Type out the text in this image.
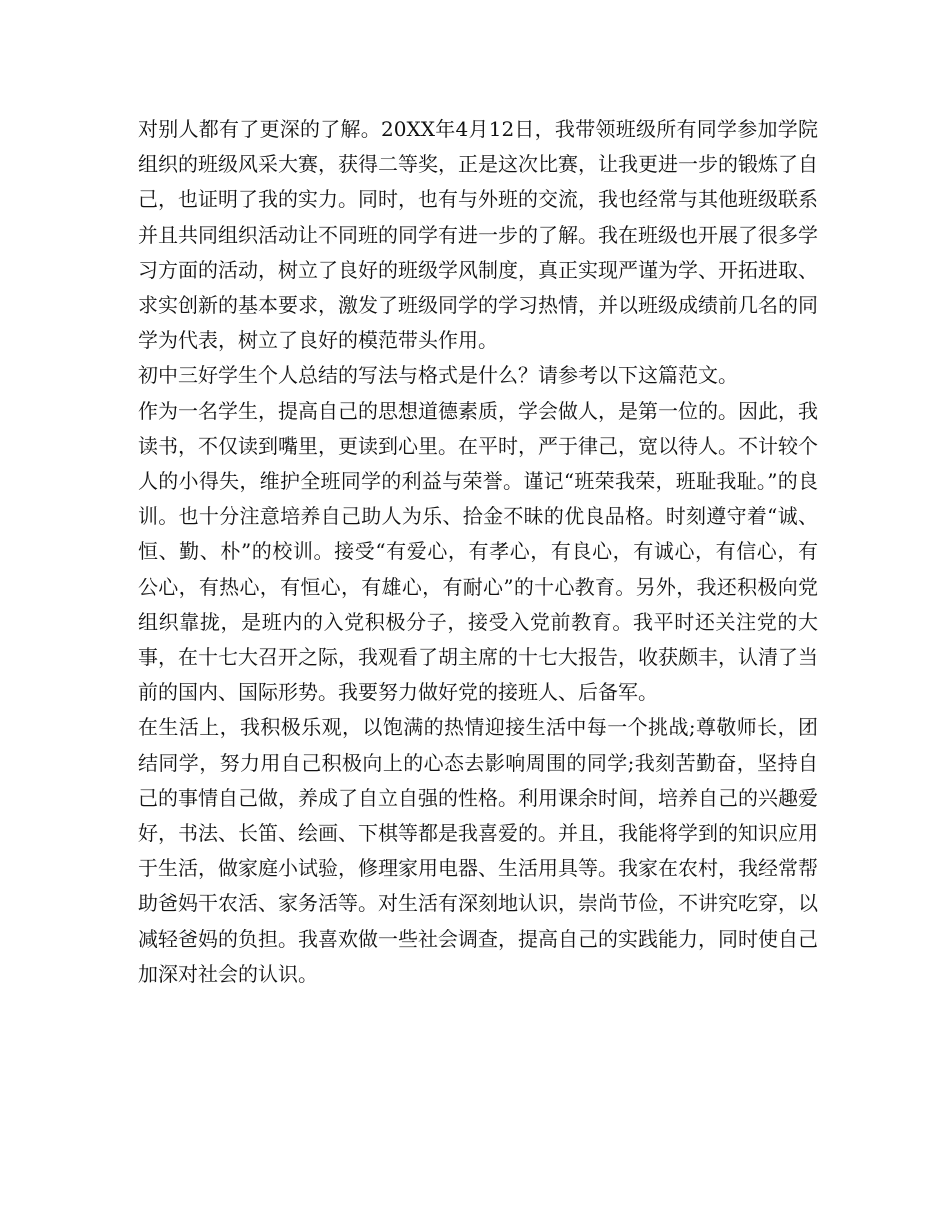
对别人都有了更深的了解。20XX年4月12日，我带领班级所有同学参加学院组织的班级风采大赛，获得二等奖，正是这次比赛，让我更进一步的锻炼了自己，也证明了我的实力。同时，也有与外班的交流，我也经常与其他班级联系并且共同组织活动让不同班的同学有进一步的了解。我在班级也开展了很多学习方面的活动，树立了良好的班级学风制度，真正实现严谨为学、开拓进取、求实创新的基本要求，激发了班级同学的学习热情，并以班级成绩前几名的同学为代表，树立了良好的模范带头作用。

初中三好学生个人总结的写法与格式是什么？请参考以下这篇范文。

作为一名学生，提高自己的思想道德素质，学会做人，是第一位的。因此，我读书，不仅读到嘴里，更读到心里。在平时，严于律己，宽以待人。不计较个人的小得失，维护全班同学的利益与荣誉。谨记“班荣我荣，班耻我耻。”的良训。也十分注意培养自己助人为乐、拾金不昧的优良品格。时刻遵守着“诚、恒、勤、朴”的校训。接受“有爱心，有孝心，有良心，有诚心，有信心，有公心，有热心，有恒心，有雄心，有耐心”的十心教育。另外，我还积极向党组织靠拢，是班内的入党积极分子，接受入党前教育。我平时还关注党的大事，在十七大召开之际，我观看了胡主席的十七大报告，收获颇丰，认清了当前的国内、国际形势。我要努力做好党的接班人、后备军。

在生活上，我积极乐观，以饱满的热情迎接生活中每一个挑战;尊敬师长，团结同学，努力用自己积极向上的心态去影响周围的同学;我刻苦勤奋，坚持自己的事情自己做，养成了自立自强的性格。利用课余时间，培养自己的兴趣爱好，书法、长笛、绘画、下棋等都是我喜爱的。并且，我能将学到的知识应用于生活，做家庭小试验，修理家用电器、生活用具等。我家在农村，我经常帮助爸妈干农活、家务活等。对生活有深刻地认识，崇尚节俭，不讲究吃穿，以减轻爸妈的负担。我喜欢做一些社会调查，提高自己的实践能力，同时使自己加深对社会的认识。
